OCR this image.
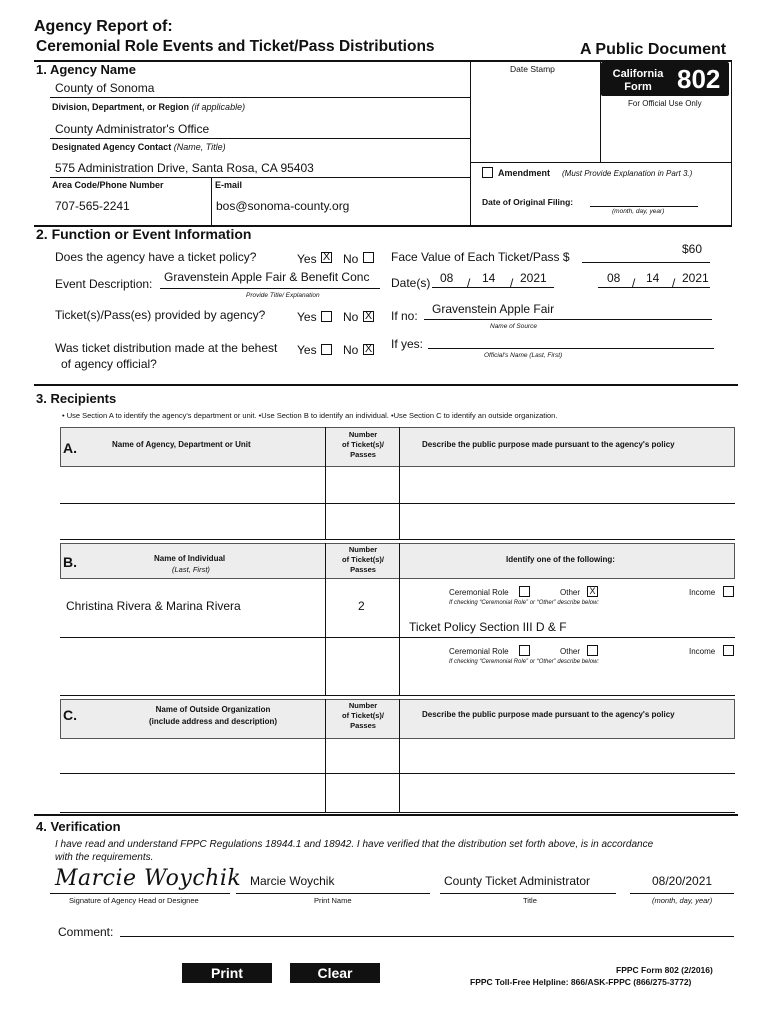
Agency Report of:
Ceremonial Role Events and Ticket/Pass Distributions	A Public Document
1. Agency Name
County of Sonoma
Division, Department, or Region (if applicable)
County Administrator's Office
Designated Agency Contact (Name, Title)
575 Administration Drive, Santa Rosa, CA 95403
Area Code/Phone Number	E-mail
707-565-2241	bos@sonoma-county.org
Date Stamp	California
Form 802
For Official Use Only
Amendment (Must Provide Explanation in Part 3.)
Date of Original Filing:
(month, day, year)
2. Function or Event Information
Does the agency have a ticket policy?	Yes X No	Face Value of Each Ticket/Pass $
$60
Event Description: Gravenstein Apple Fair & Benefit Conc
Provide Title/ Explanation
Date(s) 08 / 14 / 2021	08 / 14 / 2021
Ticket(s)/Pass(es) provided by agency?	Yes No X If no: Gravenstein Apple Fair
Name of Source
Was ticket distribution made at the behest
of agency official?
Yes No X If yes:
Official's Name (Last, First)
3. Recipients
• Use Section A to identify the agency's department or unit. •Use Section B to identify an individual. •Use Section C to identify an outside organization.
A.	Name of Agency, Department or Unit
Number
of Ticket(s)/
Passes
Describe the public purpose made pursuant to the agency's policy
B.	Name of Individual
(Last, First)
Number
of Ticket(s)/
Passes
Identify one of the following:
Christina Rivera & Marina Rivera	2
Ceremonial Role	Other X	Income
If checking “Ceremonial Role” or “Other” describe below:
Ticket Policy Section III D & F
Ceremonial Role	Other	Income
If checking “Ceremonial Role” or “Other” describe below:
C.	Name of Outside Organization
(include address and description)
Number
of Ticket(s)/
Passes
Describe the public purpose made pursuant to the agency's policy
4. Verification
I have read and understand FPPC Regulations 18944.1 and 18942. I have verified that the distribution set forth above, is in accordance
with the requirements.
Marcie Woychik
Signature of Agency Head or Designee
Marcie Woychik
Print Name
County Ticket Administrator
Title
08/20/2021
(month, day, year)
Comment:
Print	Clear	FPPC Form 802 (2/2016)
FPPC Toll-Free Helpline: 866/ASK-FPPC (866/275-3772)
